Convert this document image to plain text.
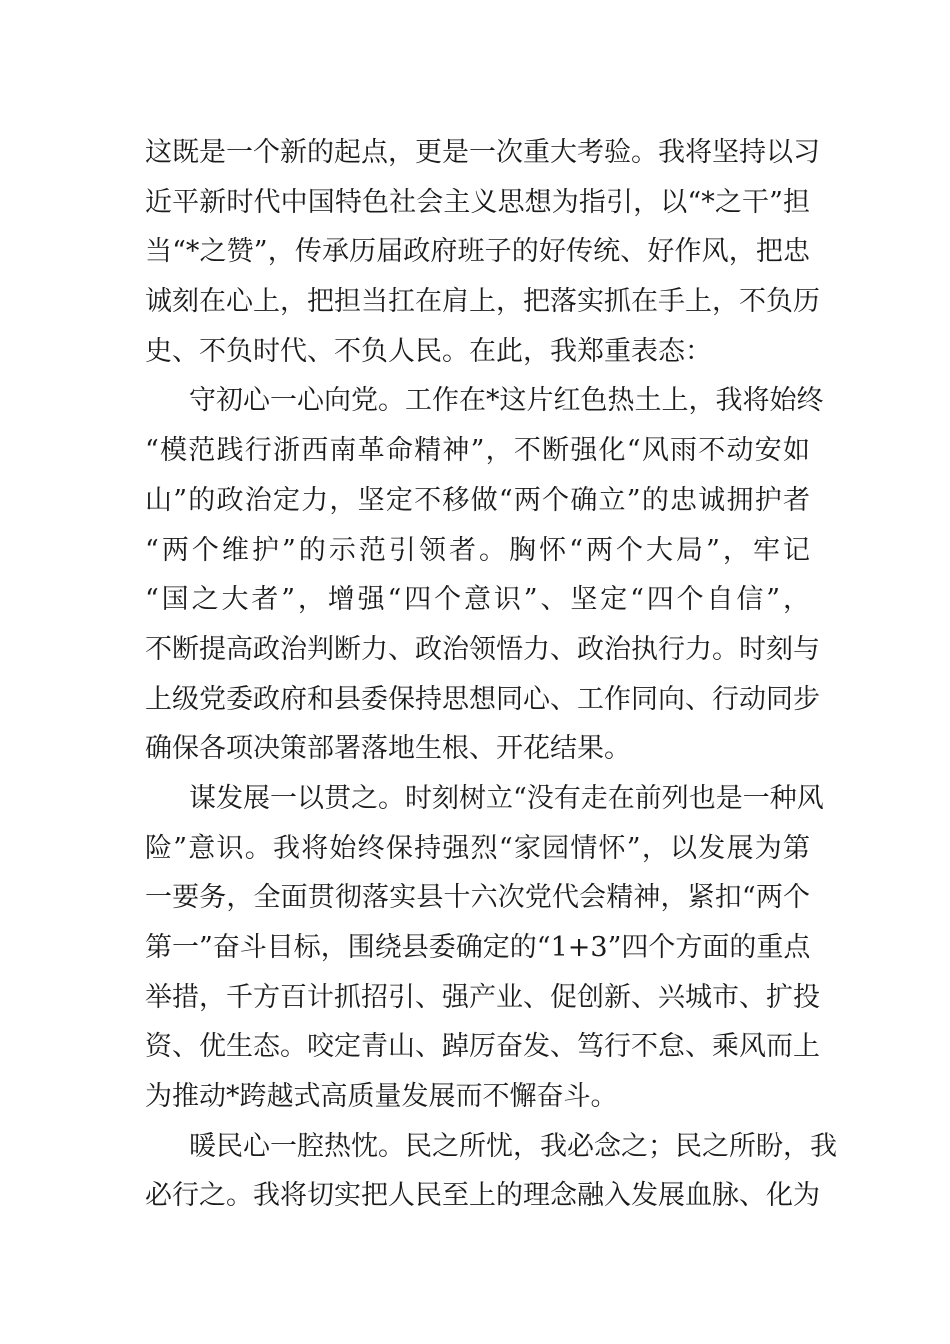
这既是一个新的起点，更是一次重大考验。我将坚持以习
近平新时代中国特色社会主义思想为指引，以“*之干”担
当“*之赞”，传承历届政府班子的好传统、好作风，把忠
诚刻在心上，把担当扛在肩上，把落实抓在手上，不负历
史、不负时代、不负人民。在此，我郑重表态：
守初心一心向党。工作在*这片红色热土上，我将始终
“模范践行浙西南革命精神”，不断强化“风雨不动安如
山”的政治定力，坚定不移做“两个确立”的忠诚拥护者
“两个维护”的示范引领者。胸怀“两个大局”，牢记
“国之大者”，增强“四个意识”、坚定“四个自信”，
不断提高政治判断力、政治领悟力、政治执行力。时刻与
上级党委政府和县委保持思想同心、工作同向、行动同步
确保各项决策部署落地生根、开花结果。
谋发展一以贯之。时刻树立“没有走在前列也是一种风
险”意识。我将始终保持强烈“家园情怀”，以发展为第
一要务，全面贯彻落实县十六次党代会精神，紧扣“两个
第一”奋斗目标，围绕县委确定的“1+3”四个方面的重点
举措，千方百计抓招引、强产业、促创新、兴城市、扩投
资、优生态。咬定青山、踔厉奋发、笃行不怠、乘风而上
为推动*跨越式高质量发展而不懈奋斗。
暖民心一腔热忱。民之所忧，我必念之；民之所盼，我
必行之。我将切实把人民至上的理念融入发展血脉、化为
